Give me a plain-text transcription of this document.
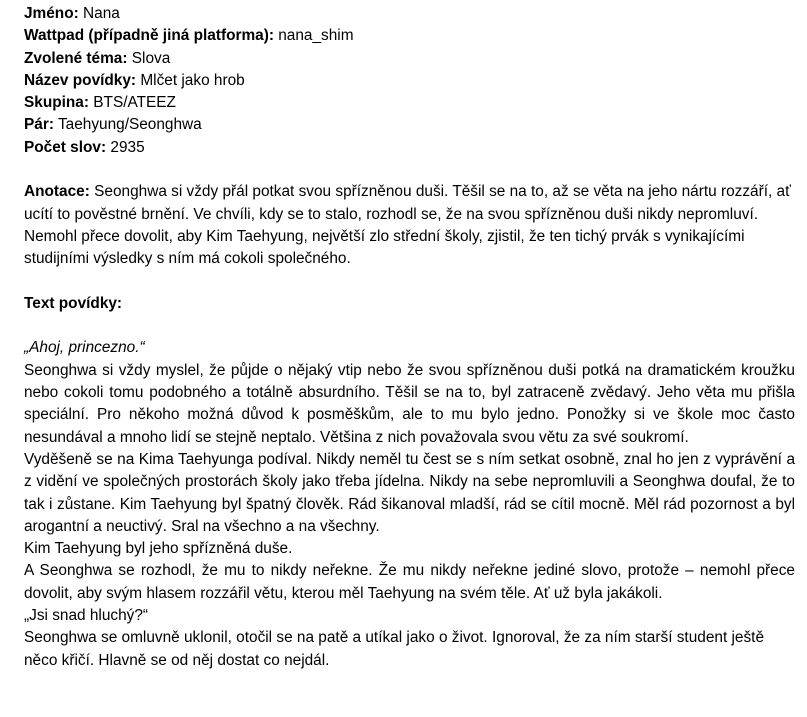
Jméno: Nana
Wattpad (případně jiná platforma): nana_shim
Zvolené téma: Slova
Název povídky: Mlčet jako hrob
Skupina: BTS/ATEEZ
Pár: Taehyung/Seonghwa
Počet slov: 2935
Anotace: Seonghwa si vždy přál potkat svou spřízněnou duši. Těšil se na to, až se věta na jeho nártu rozzáří, ať ucítí to pověstné brnění. Ve chvíli, kdy se to stalo, rozhodl se, že na svou spřízněnou duši nikdy nepromluví. Nemohl přece dovolit, aby Kim Taehyung, největší zlo střední školy, zjistil, že ten tichý prvák s vynikajícími studijními výsledky s ním má cokoli společného.
Text povídky:
„Ahoj, princezno.“
Seonghwa si vždy myslel, že půjde o nějaký vtip nebo že svou spřízněnou duši potká na dramatickém kroužku nebo cokoli tomu podobného a totálně absurdního. Těšil se na to, byl zatraceně zvědavý. Jeho věta mu přišla speciální. Pro někoho možná důvod k posměškům, ale to mu bylo jedno. Ponožky si ve škole moc často nesundával a mnoho lidí se stejně neptalo. Většina z nich považovala svou větu za své soukromí.
Vyděšeně se na Kima Taehyunga podíval. Nikdy neměl tu čest se s ním setkat osobně, znal ho jen z vyprávění a z vidění ve společných prostorách školy jako třeba jídelna. Nikdy na sebe nepromluvili a Seonghwa doufal, že to tak i zůstane. Kim Taehyung byl špatný člověk. Rád šikanoval mladší, rád se cítil mocně. Měl rád pozornost a byl arogantní a neuctivý. Sral na všechno a na všechny.
Kim Taehyung byl jeho spřízněná duše.
A Seonghwa se rozhodl, že mu to nikdy neřekne. Že mu nikdy neřekne jediné slovo, protože – nemohl přece dovolit, aby svým hlasem rozzářil větu, kterou měl Taehyung na svém těle. Ať už byla jakákoli.
„Jsi snad hluchý?“
Seonghwa se omluvně uklonil, otočil se na patě a utíkal jako o život. Ignoroval, že za ním starší student ještě něco křičí. Hlavně se od něj dostat co nejdál.
